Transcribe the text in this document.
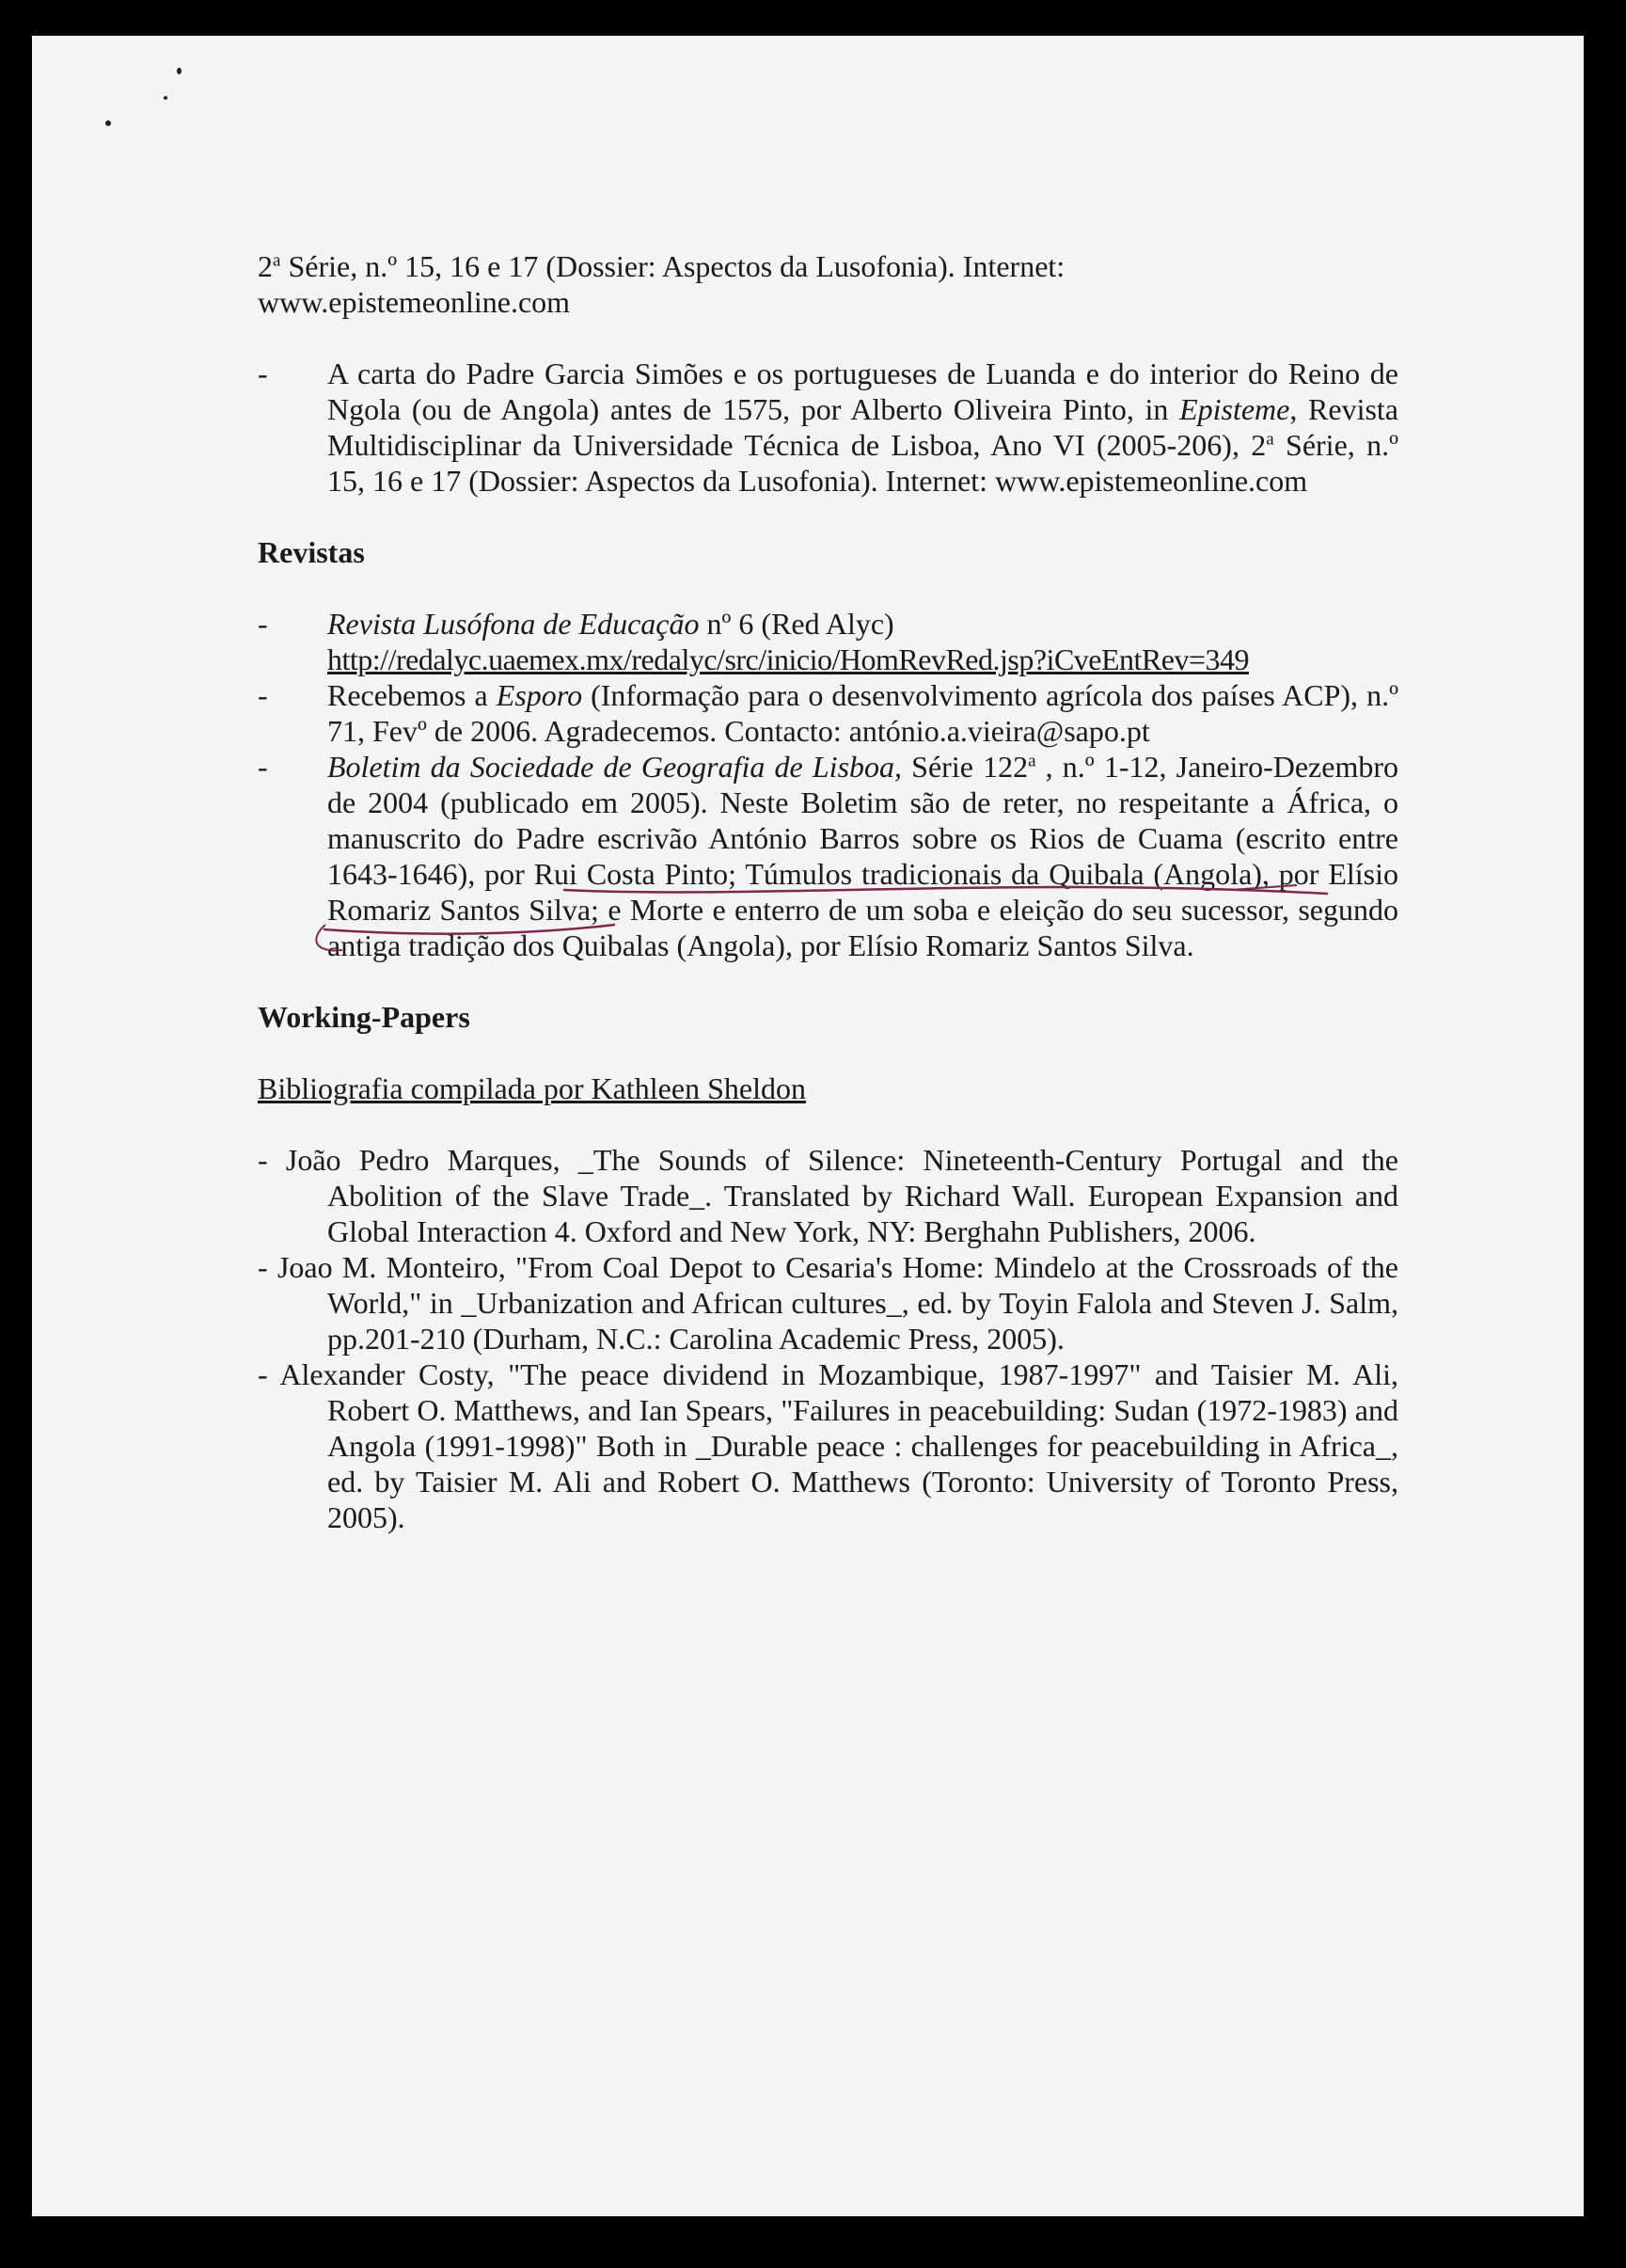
2$^a$ Série, n.º 15, 16 e 17 (Dossier: Aspectos da Lusofonia). Internet:

www.epistemeonline.com

- A carta do Padre Garcia Simões e os portugueses de Luanda e do interior do Reino de Ngola (ou de Angola) antes de 1575, por Alberto Oliveira Pinto, in Episteme, Revista Multidisciplinar da Universidade Técnica de Lisboa, Ano VI (2005-206), 2$^a$ Série, n.º 15, 16 e 17 (Dossier: Aspectos da Lusofonia). Internet: www.epistemeonline.com

Revistas

- Revista Lusófona de Educação nº 6 (Red Alyc)
http://redalyc.uaemex.mx/redalyc/src/inicio/HomRevRed.jsp?iCveEntRev=349
- Recebemos a Esporo (Informação para o desenvolvimento agrícola dos países ACP), n.º 71, Fevº de 2006. Agradecemos. Contacto: antónio.a.vieira@sapo.pt
- Boletim da Sociedade de Geografia de Lisboa, Série 122$^a$ , n.º 1-12, Janeiro-Dezembro de 2004 (publicado em 2005). Neste Boletim são de reter, no respeitante a África, o manuscrito do Padre escrivão António Barros sobre os Rios de Cuama (escrito entre 1643-1646), por Rui Costa Pinto; Túmulos tradicionais da Quibala (Angola), por Elísio Romariz Santos Silva; e Morte e enterro de um soba e eleição do seu sucessor, segundo antiga tradição dos Quibalas (Angola), por Elísio Romariz Santos Silva.

Working-Papers

Bibliografia compilada por Kathleen Sheldon

- João Pedro Marques, _The Sounds of Silence: Nineteenth-Century Portugal and the Abolition of the Slave Trade_. Translated by Richard Wall. European Expansion and Global Interaction 4. Oxford and New York, NY: Berghahn Publishers, 2006.
- Joao M. Monteiro, "From Coal Depot to Cesaria's Home: Mindelo at the Crossroads of the World," in _Urbanization and African cultures_, ed. by Toyin Falola and Steven J. Salm, pp.201-210 (Durham, N.C.: Carolina Academic Press, 2005).
- Alexander Costy, "The peace dividend in Mozambique, 1987-1997" and Taisier M. Ali, Robert O. Matthews, and Ian Spears, "Failures in peacebuilding: Sudan (1972-1983) and Angola (1991-1998)" Both in _Durable peace : challenges for peacebuilding in Africa_, ed. by Taisier M. Ali and Robert O. Matthews (Toronto: University of Toronto Press, 2005).
